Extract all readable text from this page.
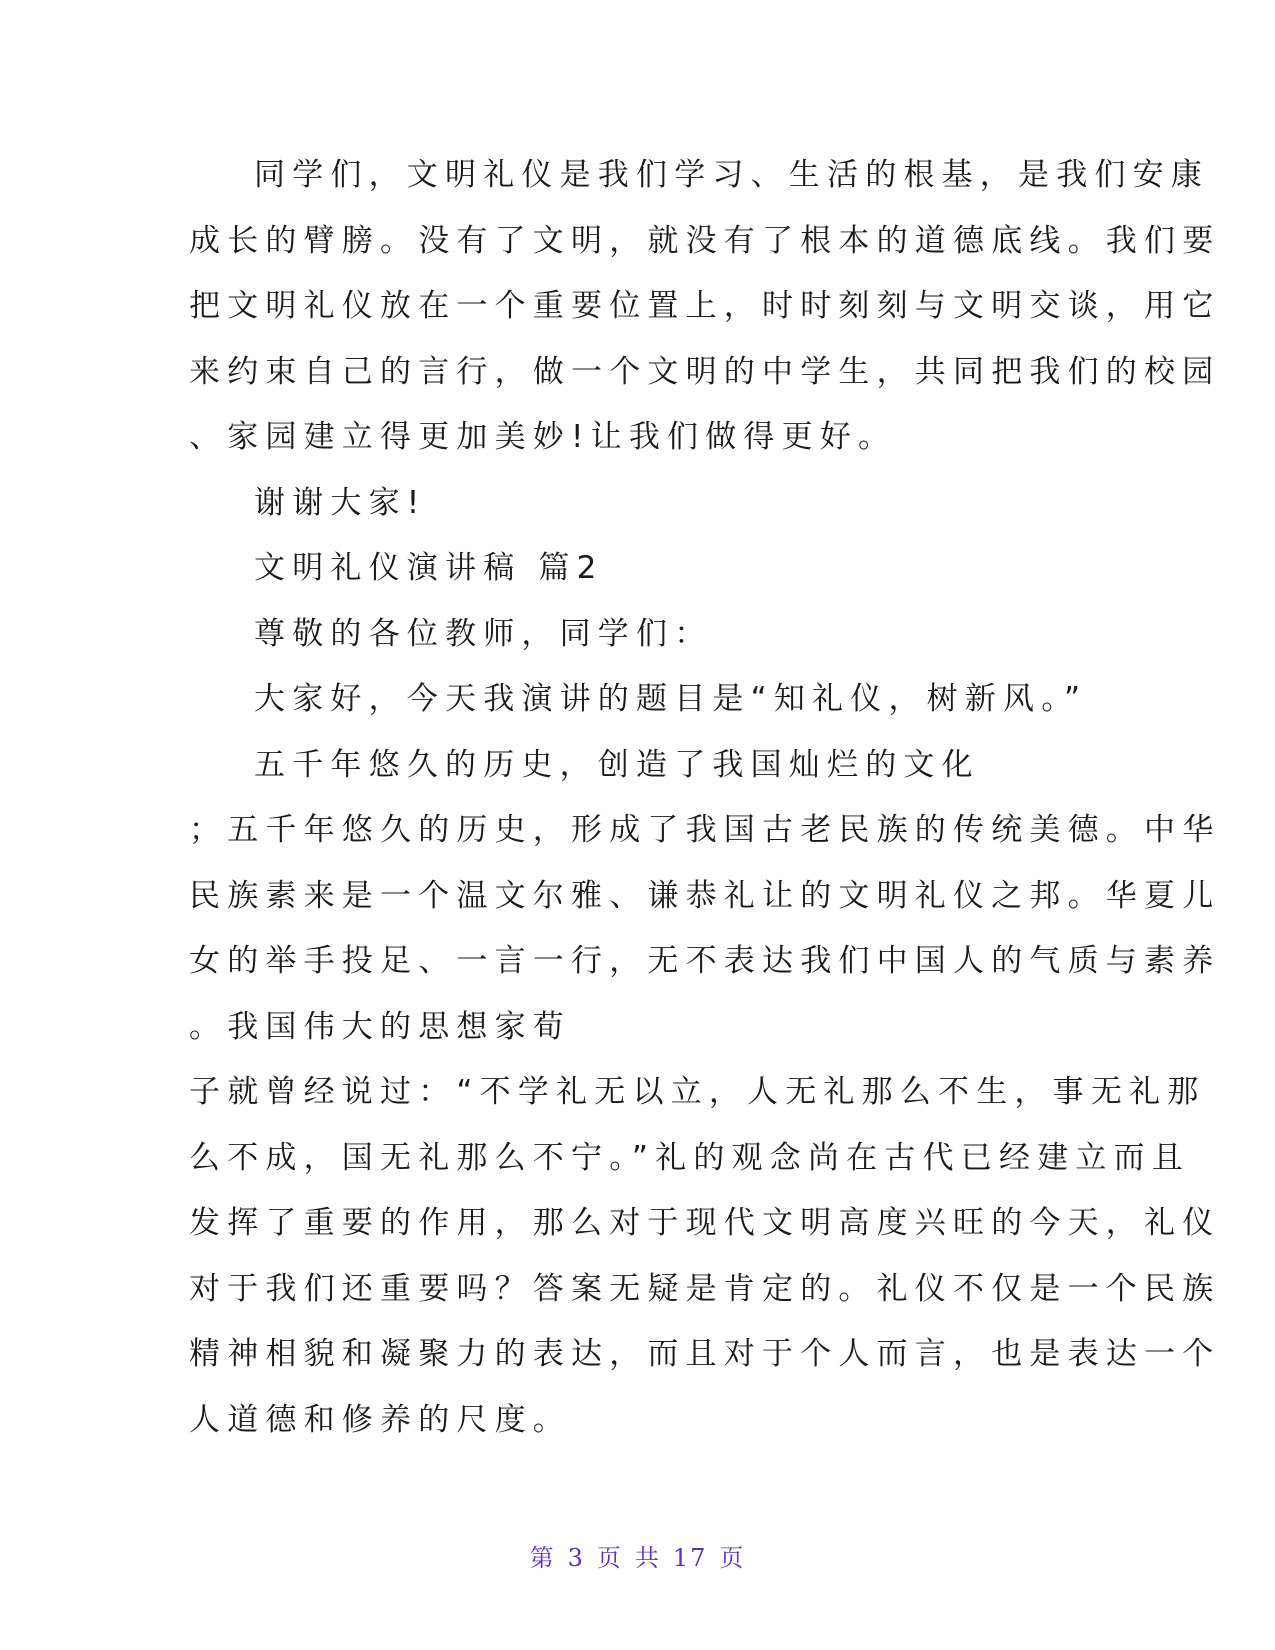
同学们，文明礼仪是我们学习、生活的根基，是我们安康
成长的臂膀。没有了文明，就没有了根本的道德底线。我们要
把文明礼仪放在一个重要位置上，时时刻刻与文明交谈，用它
来约束自己的言行，做一个文明的中学生，共同把我们的校园
、家园建立得更加美妙!让我们做得更好。
谢谢大家!
文明礼仪演讲稿 篇2
尊敬的各位教师，同学们：
大家好，今天我演讲的题目是“知礼仪，树新风。”
五千年悠久的历史，创造了我国灿烂的文化
；五千年悠久的历史，形成了我国古老民族的传统美德。中华
民族素来是一个温文尔雅、谦恭礼让的文明礼仪之邦。华夏儿
女的举手投足、一言一行，无不表达我们中国人的气质与素养
。我国伟大的思想家荀
子就曾经说过：“不学礼无以立，人无礼那么不生，事无礼那
么不成，国无礼那么不宁。”礼的观念尚在古代已经建立而且
发挥了重要的作用，那么对于现代文明高度兴旺的今天，礼仪
对于我们还重要吗？答案无疑是肯定的。礼仪不仅是一个民族
精神相貌和凝聚力的表达，而且对于个人而言，也是表达一个
人道德和修养的尺度。
第 3 页 共 17 页
